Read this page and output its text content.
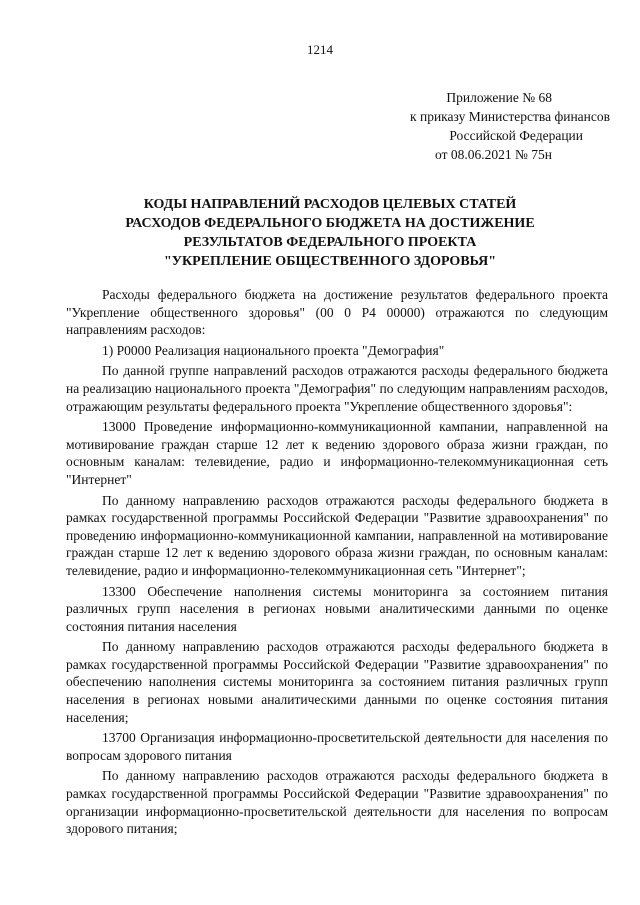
1214
Приложение № 68
к приказу Министерства финансов
Российской Федерации
от 08.06.2021 № 75н
КОДЫ НАПРАВЛЕНИЙ РАСХОДОВ ЦЕЛЕВЫХ СТАТЕЙ
РАСХОДОВ ФЕДЕРАЛЬНОГО БЮДЖЕТА НА ДОСТИЖЕНИЕ
РЕЗУЛЬТАТОВ ФЕДЕРАЛЬНОГО ПРОЕКТА
"УКРЕПЛЕНИЕ ОБЩЕСТВЕННОГО ЗДОРОВЬЯ"

Расходы федерального бюджета на достижение результатов федерального проекта "Укрепление общественного здоровья" (00 0 Р4 00000) отражаются по следующим направлениям расходов:

1) Р0000 Реализация национального проекта "Демография"

По данной группе направлений расходов отражаются расходы федерального бюджета на реализацию национального проекта "Демография" по следующим направлениям расходов, отражающим результаты федерального проекта "Укрепление общественного здоровья":

13000 Проведение информационно-коммуникационной кампании, направленной на мотивирование граждан старше 12 лет к ведению здорового образа жизни граждан, по основным каналам: телевидение, радио и информационно-телекоммуникационная сеть "Интернет"

По данному направлению расходов отражаются расходы федерального бюджета в рамках государственной программы Российской Федерации "Развитие здравоохранения" по проведению информационно-коммуникационной кампании, направленной на мотивирование граждан старше 12 лет к ведению здорового образа жизни граждан, по основным каналам: телевидение, радио и информационно-телекоммуникационная сеть "Интернет";

13300 Обеспечение наполнения системы мониторинга за состоянием питания различных групп населения в регионах новыми аналитическими данными по оценке состояния питания населения

По данному направлению расходов отражаются расходы федерального бюджета в рамках государственной программы Российской Федерации "Развитие здравоохранения" по обеспечению наполнения системы мониторинга за состоянием питания различных групп населения в регионах новыми аналитическими данными по оценке состояния питания населения;

13700 Организация информационно-просветительской деятельности для населения по вопросам здорового питания

По данному направлению расходов отражаются расходы федерального бюджета в рамках государственной программы Российской Федерации "Развитие здравоохранения" по организации информационно-просветительской деятельности для населения по вопросам здорового питания;
